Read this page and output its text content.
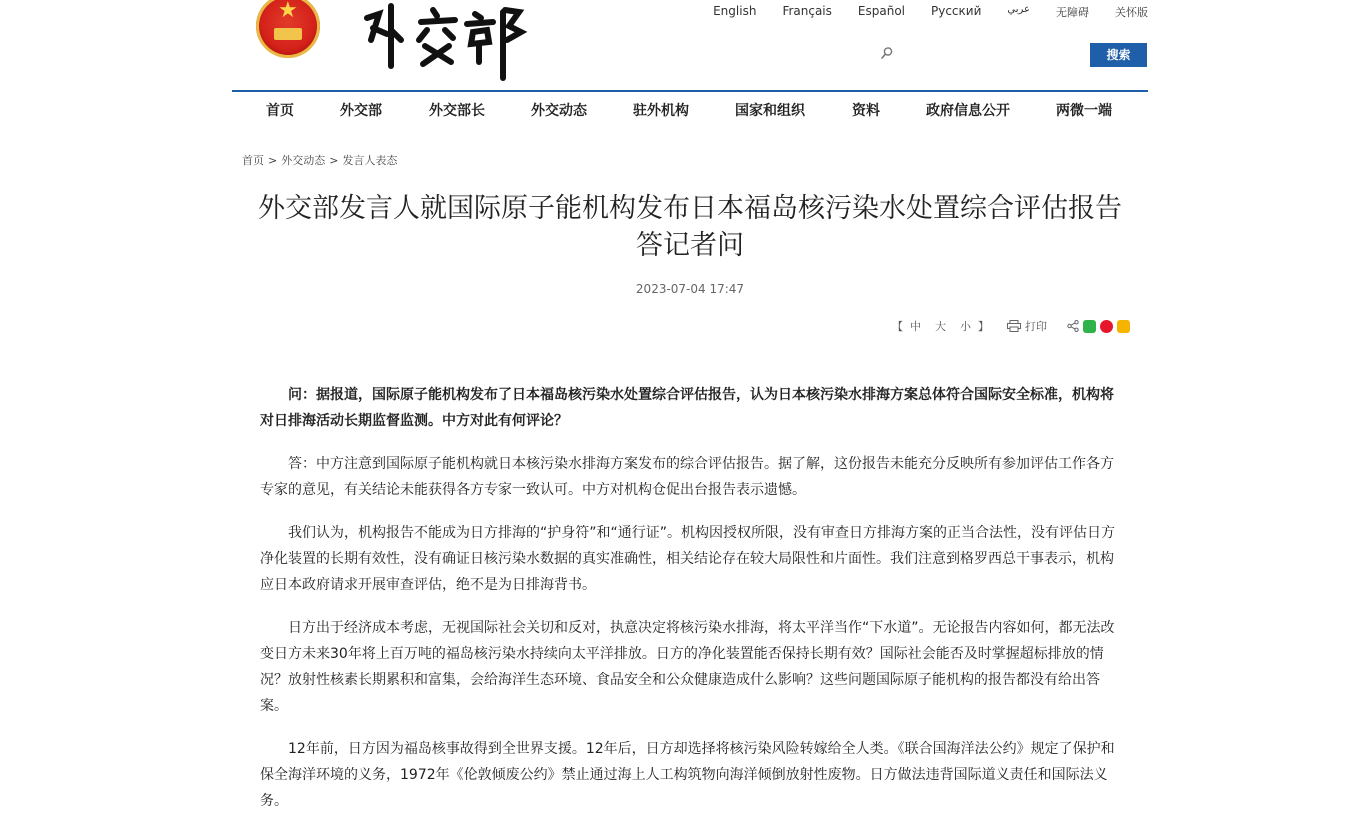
★	English Français Español Русский	عربي 无障碍 关怀版
搜索
首页	外交部	外交部长	外交动态	驻外机构	国家和组织	资料	政府信息公开	两微一端
首页 > 外交动态 > 发言人表态
外交部发言人就国际原子能机构发布日本福岛核污染水处置综合评估报告答记者问
2023-07-04 17:47
【 中 大 小 】	打印

问：据报道，国际原子能机构发布了日本福岛核污染水处置综合评估报告，认为日本核污染水排海方案总体符合国际安全标准，机构将对日排海活动长期监督监测。中方对此有何评论？

答：中方注意到国际原子能机构就日本核污染水排海方案发布的综合评估报告。据了解，这份报告未能充分反映所有参加评估工作各方专家的意见，有关结论未能获得各方专家一致认可。中方对机构仓促出台报告表示遗憾。

我们认为，机构报告不能成为日方排海的“护身符”和“通行证”。机构因授权所限，没有审查日方排海方案的正当合法性，没有评估日方净化装置的长期有效性，没有确证日核污染水数据的真实准确性，相关结论存在较大局限性和片面性。我们注意到格罗西总干事表示，机构应日本政府请求开展审查评估，绝不是为日排海背书。

日方出于经济成本考虑，无视国际社会关切和反对，执意决定将核污染水排海，将太平洋当作“下水道”。无论报告内容如何，都无法改变日方未来30年将上百万吨的福岛核污染水持续向太平洋排放。日方的净化装置能否保持长期有效？国际社会能否及时掌握超标排放的情况？放射性核素长期累积和富集，会给海洋生态环境、食品安全和公众健康造成什么影响？这些问题国际原子能机构的报告都没有给出答案。

12年前，日方因为福岛核事故得到全世界支援。12年后，日方却选择将核污染风险转嫁给全人类。《联合国海洋法公约》规定了保护和保全海洋环境的义务，1972年《伦敦倾废公约》禁止通过海上人工构筑物向海洋倾倒放射性废物。日方做法违背国际道义责任和国际法义务。
